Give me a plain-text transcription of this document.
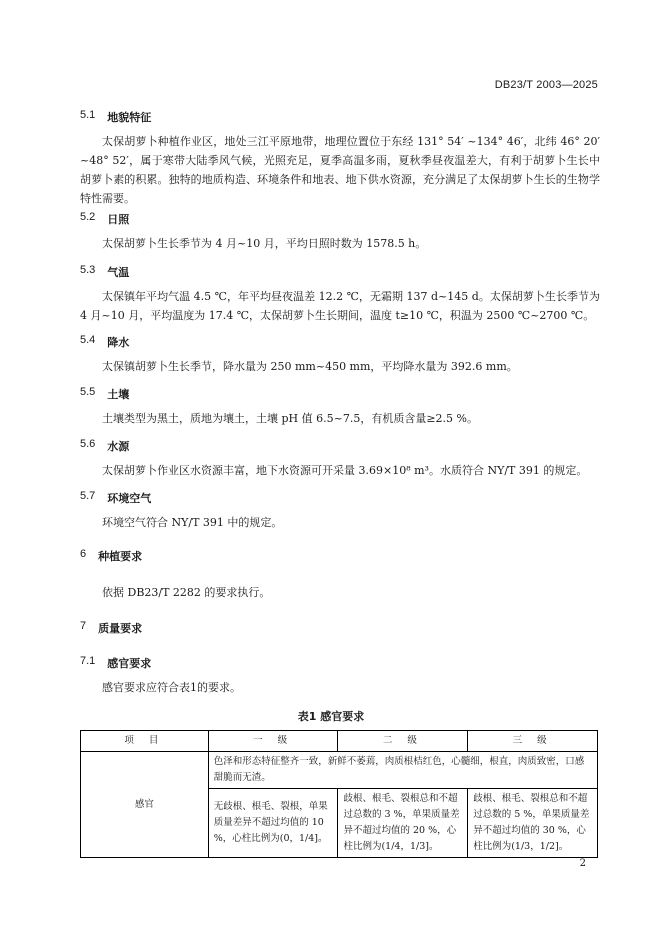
DB23/T 2003—2025
5.1 地貌特征
太保胡萝卜种植作业区，地处三江平原地带，地理位置位于东经 131° 54′ ~134° 46′，北纬 46° 20′ ~48° 52′，属于寒带大陆季风气候，光照充足，夏季高温多雨，夏秋季昼夜温差大，有利于胡萝卜生长中胡萝卜素的积累。独特的地质构造、环境条件和地表、地下供水资源，充分满足了太保胡萝卜生长的生物学特性需要。
5.2 日照
太保胡萝卜生长季节为 4 月~10 月，平均日照时数为 1578.5 h。
5.3 气温
太保镇年平均气温 4.5 ℃，年平均昼夜温差 12.2 ℃，无霜期 137 d~145 d。太保胡萝卜生长季节为 4 月~10 月，平均温度为 17.4 ℃，太保胡萝卜生长期间，温度 t≥10 ℃，积温为 2500 ℃~2700 ℃。
5.4 降水
太保镇胡萝卜生长季节，降水量为 250 mm~450 mm，平均降水量为 392.6 mm。
5.5 土壤
土壤类型为黑土，质地为壤土，土壤 pH 值 6.5~7.5，有机质含量≥2.5 %。
5.6 水源
太保胡萝卜作业区水资源丰富，地下水资源可开采量 3.69×10⁸ m³。水质符合 NY/T 391 的规定。
5.7 环境空气
环境空气符合 NY/T 391 中的规定。
6 种植要求
依据 DB23/T 2282 的要求执行。
7 质量要求
7.1 感官要求
感官要求应符合表1的要求。
表1 感官要求
项 目	一 级	二 级	三 级
感官	色泽和形态特征整齐一致，新鲜不萎蔫，肉质根桔红色，心髓细，根直，肉质致密，口感甜脆而无渣。		
	无歧根、根毛、裂根，单果质量差异不超过均值的 10 %，心柱比例为(0，1/4]。	歧根、根毛、裂根总和不超过总数的 3 %，单果质量差异不超过均值的 20 %，心柱比例为(1/4，1/3]。	歧根、根毛、裂根总和不超过总数的 5 %，单果质量差异不超过均值的 30 %，心柱比例为(1/3，1/2]。
2
